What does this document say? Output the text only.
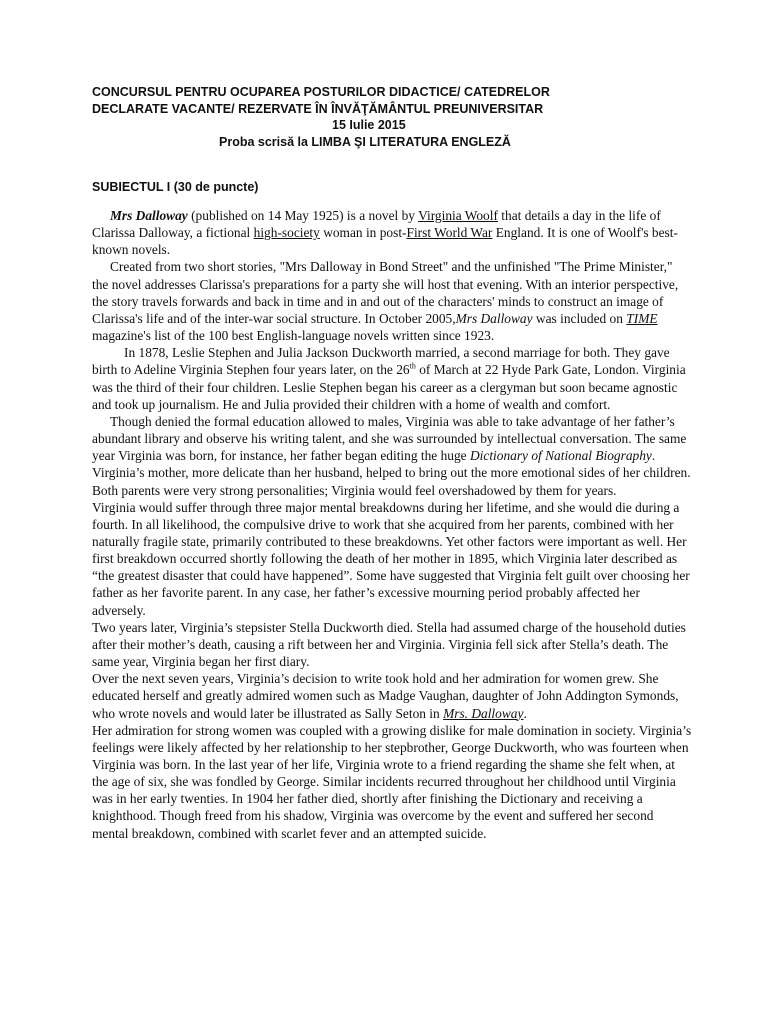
CONCURSUL PENTRU OCUPAREA POSTURILOR DIDACTICE/ CATEDRELOR
DECLARATE VACANTE/ REZERVATE ÎN ÎNVĂŢĂMÂNTUL PREUNIVERSITAR
15 Iulie 2015
Proba scrisă la LIMBA ŞI LITERATURA ENGLEZĂ
SUBIECTUL I (30 de puncte)

Mrs Dalloway (published on 14 May 1925) is a novel by Virginia Woolf that details a day in the life of Clarissa Dalloway, a fictional high-society woman in post-First World War England. It is one of Woolf's best-known novels.

Created from two short stories, "Mrs Dalloway in Bond Street" and the unfinished "The Prime Minister," the novel addresses Clarissa's preparations for a party she will host that evening. With an interior perspective, the story travels forwards and back in time and in and out of the characters' minds to construct an image of Clarissa's life and of the inter-war social structure. In October 2005,Mrs Dalloway was included on TIME magazine's list of the 100 best English-language novels written since 1923.

In 1878, Leslie Stephen and Julia Jackson Duckworth married, a second marriage for both. They gave birth to Adeline Virginia Stephen four years later, on the 26th of March at 22 Hyde Park Gate, London. Virginia was the third of their four children. Leslie Stephen began his career as a clergyman but soon became agnostic and took up journalism. He and Julia provided their children with a home of wealth and comfort.

Though denied the formal education allowed to males, Virginia was able to take advantage of her father’s abundant library and observe his writing talent, and she was surrounded by intellectual conversation. The same year Virginia was born, for instance, her father began editing the huge Dictionary of National Biography. Virginia’s mother, more delicate than her husband, helped to bring out the more emotional sides of her children. Both parents were very strong personalities; Virginia would feel overshadowed by them for years.

Virginia would suffer through three major mental breakdowns during her lifetime, and she would die during a fourth. In all likelihood, the compulsive drive to work that she acquired from her parents, combined with her naturally fragile state, primarily contributed to these breakdowns. Yet other factors were important as well. Her first breakdown occurred shortly following the death of her mother in 1895, which Virginia later described as “the greatest disaster that could have happened”. Some have suggested that Virginia felt guilt over choosing her father as her favorite parent. In any case, her father’s excessive mourning period probably affected her adversely.

Two years later, Virginia’s stepsister Stella Duckworth died. Stella had assumed charge of the household duties after their mother’s death, causing a rift between her and Virginia. Virginia fell sick after Stella’s death. The same year, Virginia began her first diary.

Over the next seven years, Virginia’s decision to write took hold and her admiration for women grew. She educated herself and greatly admired women such as Madge Vaughan, daughter of John Addington Symonds, who wrote novels and would later be illustrated as Sally Seton in Mrs. Dalloway.

Her admiration for strong women was coupled with a growing dislike for male domination in society. Virginia’s feelings were likely affected by her relationship to her stepbrother, George Duckworth, who was fourteen when Virginia was born. In the last year of her life, Virginia wrote to a friend regarding the shame she felt when, at the age of six, she was fondled by George. Similar incidents recurred throughout her childhood until Virginia was in her early twenties. In 1904 her father died, shortly after finishing the Dictionary and receiving a knighthood. Though freed from his shadow, Virginia was overcome by the event and suffered her second mental breakdown, combined with scarlet fever and an attempted suicide.
